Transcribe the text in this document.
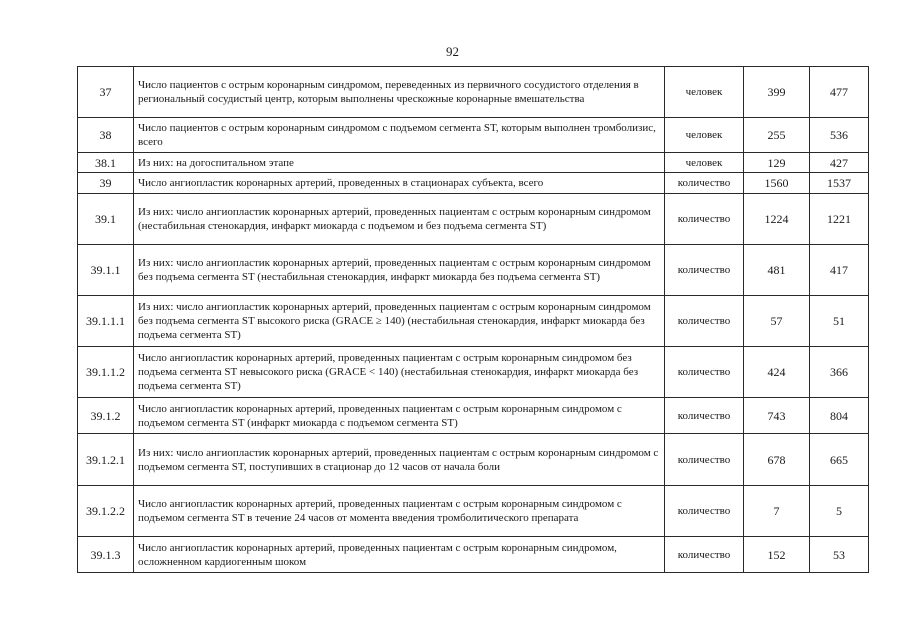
92
37	Число пациентов с острым коронарным синдромом, переведенных из первичного сосудистого отделения в региональный сосудистый центр, которым выполнены чрескожные коронарные вмешательства	человек	399	477
38	Число пациентов с острым коронарным синдромом с подъемом сегмента ST, которым выполнен тромболизис, всего	человек	255	536
38.1	Из них: на догоспитальном этапе	человек	129	427
39	Число ангиопластик коронарных артерий, проведенных в стационарах субъекта, всего	количество	1560	1537
39.1	Из них: число ангиопластик коронарных артерий, проведенных пациентам с острым коронарным синдромом (нестабильная стенокардия, инфаркт миокарда с подъемом и без подъема сегмента ST)	количество	1224	1221
39.1.1	Из них: число ангиопластик коронарных артерий, проведенных пациентам с острым коронарным синдромом без подъема сегмента ST (нестабильная стенокардия, инфаркт миокарда без подъема сегмента ST)	количество	481	417
39.1.1.1	Из них: число ангиопластик коронарных артерий, проведенных пациентам с острым коронарным синдромом без подъема сегмента ST высокого риска (GRACE ≥ 140) (нестабильная стенокардия, инфаркт миокарда без подъема сегмента ST)	количество	57	51
39.1.1.2	Число ангиопластик коронарных артерий, проведенных пациентам с острым коронарным синдромом без подъема сегмента ST невысокого риска (GRACE < 140) (нестабильная стенокардия, инфаркт миокарда без подъема сегмента ST)	количество	424	366
39.1.2	Число ангиопластик коронарных артерий, проведенных пациентам с острым коронарным синдромом с подъемом сегмента ST (инфаркт миокарда с подъемом сегмента ST)	количество	743	804
39.1.2.1	Из них: число ангиопластик коронарных артерий, проведенных пациентам с острым коронарным синдромом с подъемом сегмента ST, поступивших в стационар до 12 часов от начала боли	количество	678	665
39.1.2.2	Число ангиопластик коронарных артерий, проведенных пациентам с острым коронарным синдромом с подъемом сегмента ST в течение 24 часов от момента введения тромболитического препарата	количество	7	5
39.1.3	Число ангиопластик коронарных артерий, проведенных пациентам с острым коронарным синдромом, осложненном кардиогенным шоком	количество	152	53
